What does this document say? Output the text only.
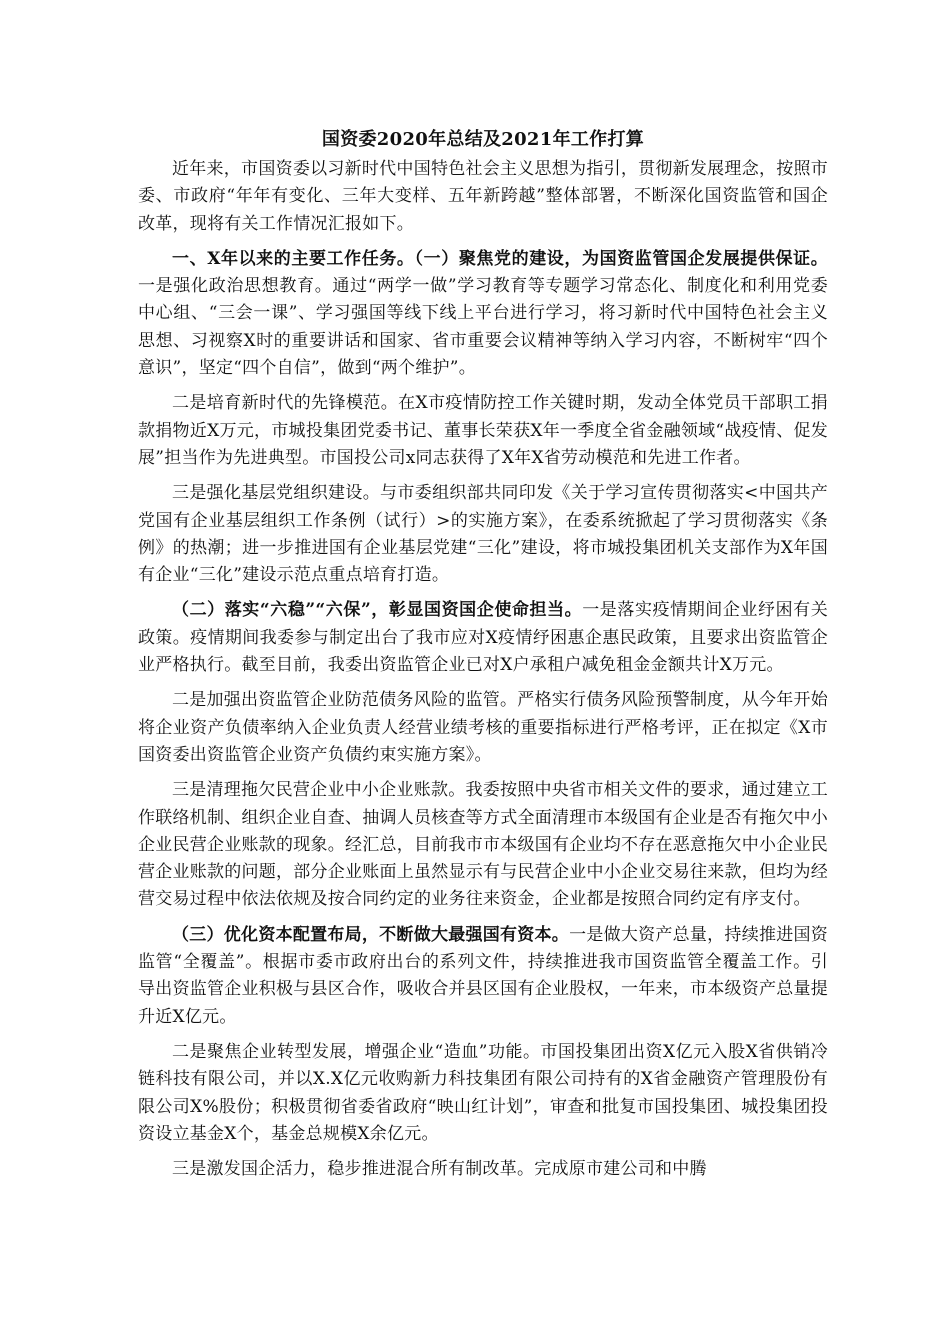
国资委2020年总结及2021年工作打算

近年来，市国资委以习新时代中国特色社会主义思想为指引，贯彻新发展理念，按照市委、市政府“年年有变化、三年大变样、五年新跨越”整体部署，不断深化国资监管和国企改革，现将有关工作情况汇报如下。

一、X年以来的主要工作任务。（一）聚焦党的建设，为国资监管国企发展提供保证。一是强化政治思想教育。通过“两学一做”学习教育等专题学习常态化、制度化和利用党委中心组、“三会一课”、学习强国等线下线上平台进行学习，将习新时代中国特色社会主义思想、习视察X时的重要讲话和国家、省市重要会议精神等纳入学习内容，不断树牢“四个意识”，坚定“四个自信”，做到“两个维护”。

二是培育新时代的先锋模范。在X市疫情防控工作关键时期，发动全体党员干部职工捐款捐物近X万元，市城投集团党委书记、董事长荣获X年一季度全省金融领域“战疫情、促发展”担当作为先进典型。市国投公司x同志获得了X年X省劳动模范和先进工作者。

三是强化基层党组织建设。与市委组织部共同印发《关于学习宣传贯彻落实<中国共产党国有企业基层组织工作条例（试行）>的实施方案》，在委系统掀起了学习贯彻落实《条例》的热潮；进一步推进国有企业基层党建“三化”建设，将市城投集团机关支部作为X年国有企业“三化”建设示范点重点培育打造。

（二）落实“六稳”“六保”，彰显国资国企使命担当。一是落实疫情期间企业纾困有关政策。疫情期间我委参与制定出台了我市应对X疫情纾困惠企惠民政策，且要求出资监管企业严格执行。截至目前，我委出资监管企业已对X户承租户减免租金金额共计X万元。

二是加强出资监管企业防范债务风险的监管。严格实行债务风险预警制度，从今年开始将企业资产负债率纳入企业负责人经营业绩考核的重要指标进行严格考评，正在拟定《X市国资委出资监管企业资产负债约束实施方案》。

三是清理拖欠民营企业中小企业账款。我委按照中央省市相关文件的要求，通过建立工作联络机制、组织企业自查、抽调人员核查等方式全面清理市本级国有企业是否有拖欠中小企业民营企业账款的现象。经汇总，目前我市市本级国有企业均不存在恶意拖欠中小企业民营企业账款的问题，部分企业账面上虽然显示有与民营企业中小企业交易往来款，但均为经营交易过程中依法依规及按合同约定的业务往来资金，企业都是按照合同约定有序支付。

（三）优化资本配置布局，不断做大最强国有资本。一是做大资产总量，持续推进国资监管“全覆盖”。根据市委市政府出台的系列文件，持续推进我市国资监管全覆盖工作。引导出资监管企业积极与县区合作，吸收合并县区国有企业股权，一年来，市本级资产总量提升近X亿元。

二是聚焦企业转型发展，增强企业“造血”功能。市国投集团出资X亿元入股X省供销冷链科技有限公司，并以X.X亿元收购新力科技集团有限公司持有的X省金融资产管理股份有限公司X%股份；积极贯彻省委省政府“映山红计划”，审查和批复市国投集团、城投集团投资设立基金X个，基金总规模X余亿元。

三是激发国企活力，稳步推进混合所有制改革。完成原市建公司和中腾
